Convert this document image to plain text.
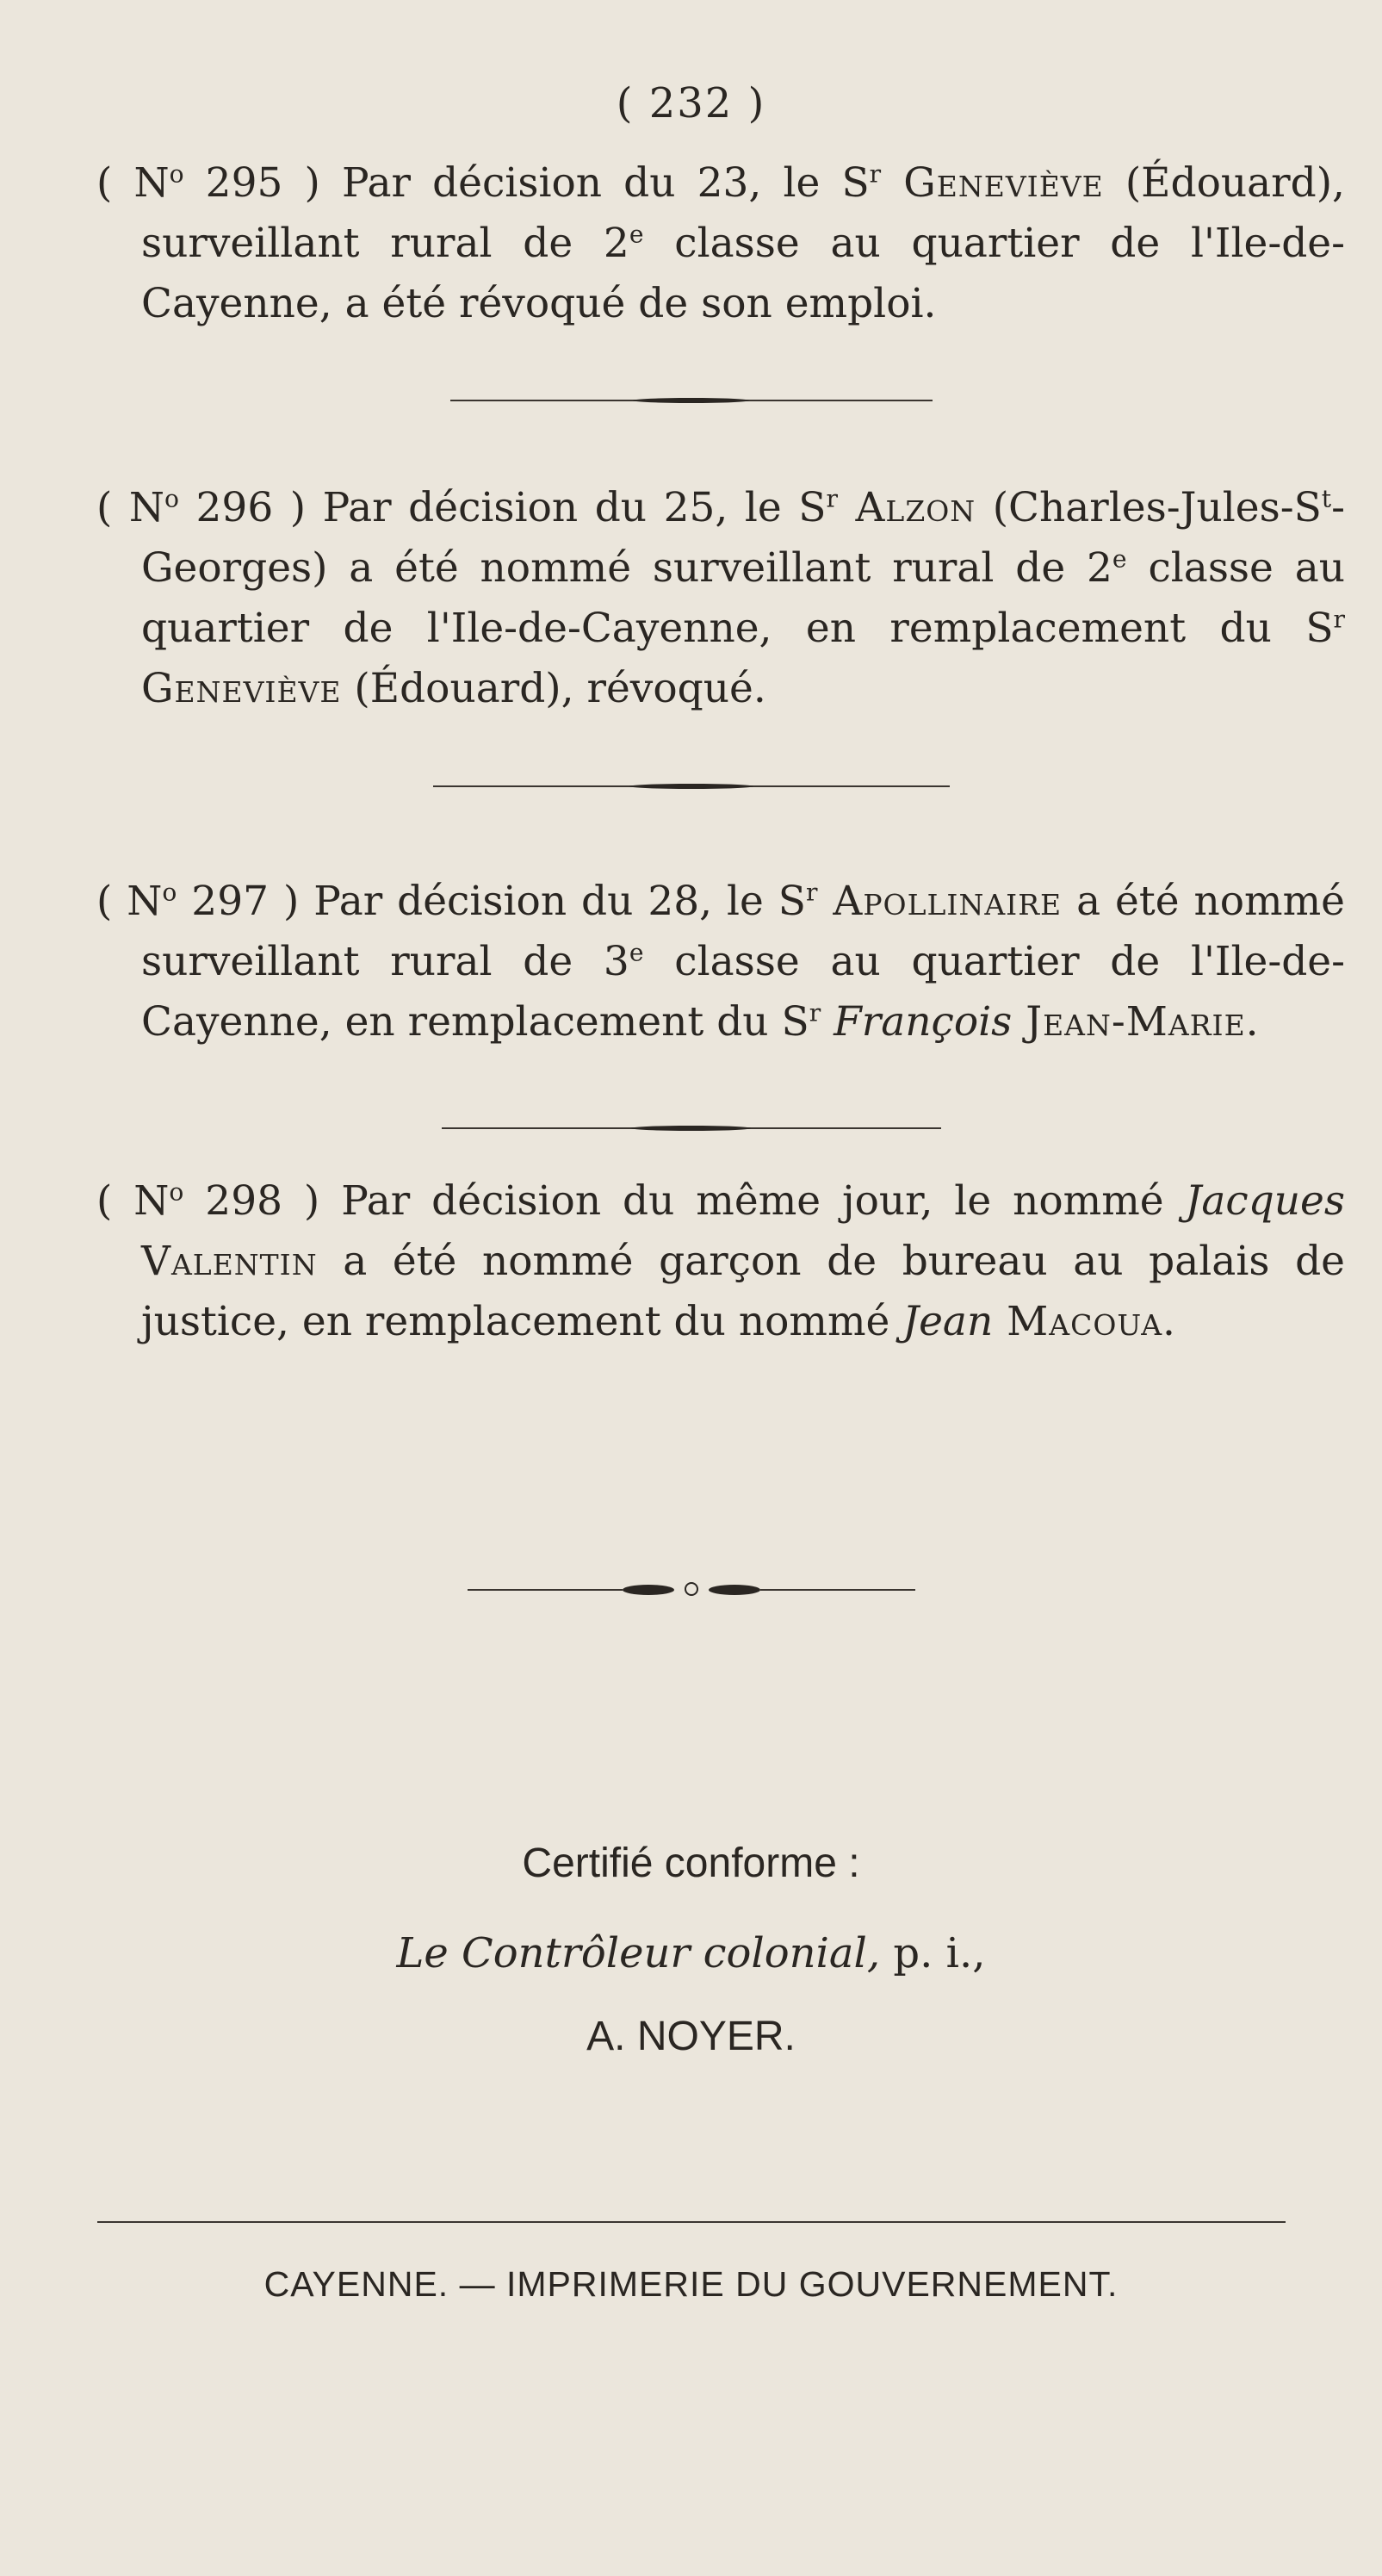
( 232 )

( $N^o$ 295 ) Par décision du 23, le $S^r$ Geneviève (Édouard), surveillant rural de 2e classe au quartier de l'Ile-de-Cayenne, a été révoqué de son emploi.

( $N^o$ 296 ) Par décision du 25, le $S^r$ Alzon $(Charles-Jules-S^t-Georges)$ a été nommé surveillant rural de 2e classe au quartier de l'Ile-de-Cayenne, en remplacement du $S^r$ Geneviève (Édouard), révoqué.

( $N^o$ 297 ) Par décision du 28, le $S^r$ Apollinaire a été nommé surveillant rural de 3e classe au quartier de l'Ile-de-Cayenne, en remplacement du $S^r$ François Jean-Marie.

( $N^o$ 298 ) Par décision du même jour, le nommé Jacques Valentin a été nommé garçon de bureau au palais de justice, en remplacement du nommé Jean Macoua.

Certifié conforme :
Le Contrôleur colonial, p. i.,
A. NOYER.
CAYENNE. — IMPRIMERIE DU GOUVERNEMENT.
